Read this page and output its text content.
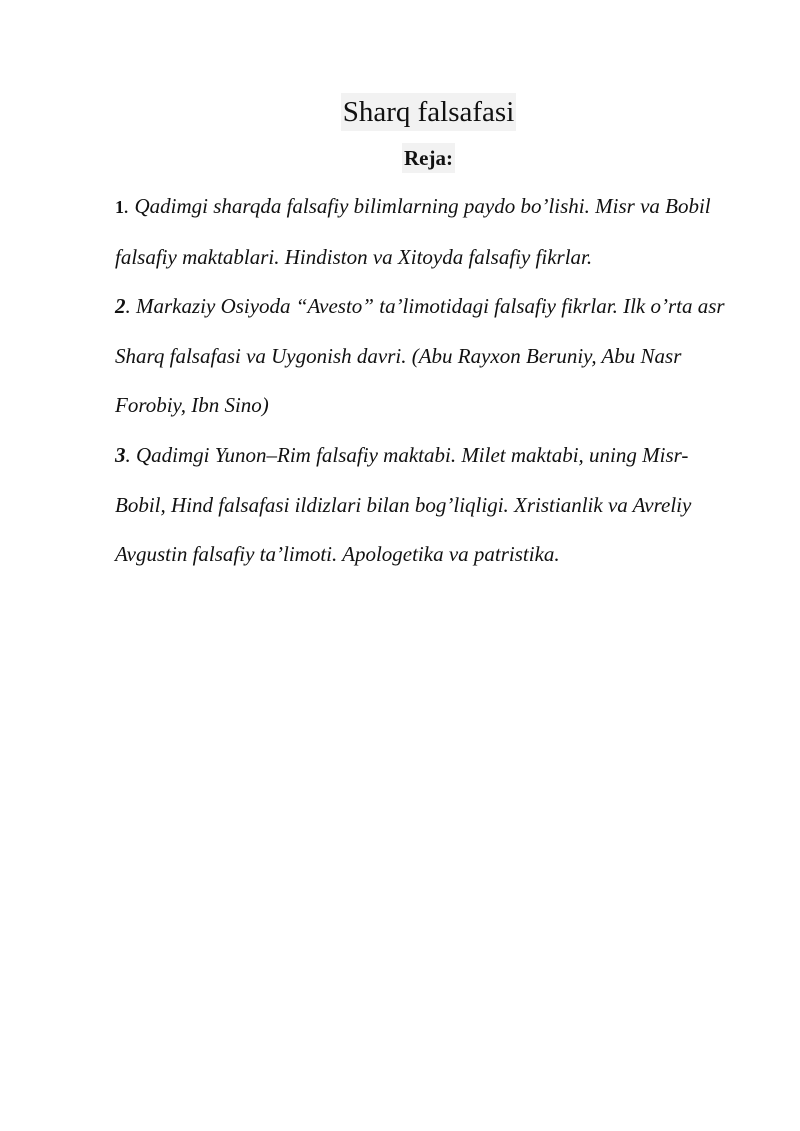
Sharq falsafasi
Reja:

1. Qadimgi sharqda falsafiy bilimlarning paydo bo’lishi. Misr va Bobil falsafiy maktablari. Hindiston va Xitoyda falsafiy fikrlar.

2. Markaziy Osiyoda “Avesto” ta’limotidagi falsafiy fikrlar. Ilk o’rta asr Sharq falsafasi va Uygonish davri. (Abu Rayxon Beruniy, Abu Nasr Forobiy, Ibn Sino)

3. Qadimgi Yunon–Rim falsafiy maktabi. Milet maktabi, uning Misr-Bobil, Hind falsafasi ildizlari bilan bog’liqligi. Xristianlik va Avreliy Avgustin falsafiy ta’limoti. Apologetika va patristika.
